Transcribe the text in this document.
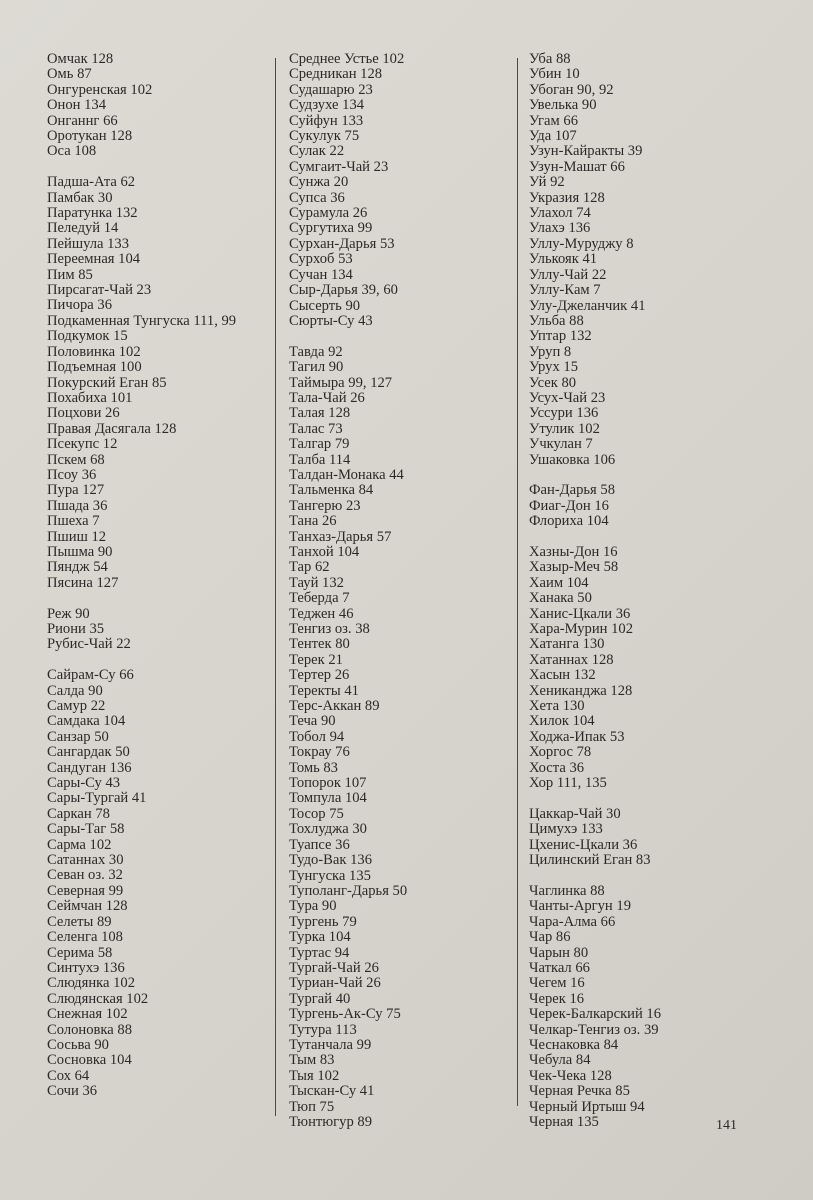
Омчак 128
Омь 87
Онгуренская 102
Онон 134
Онганнг 66
Оротукан 128
Оса 108
Падша-Ата 62
Памбак 30
Паратунка 132
Пеледуй 14
Пейшула 133
Переемная 104
Пим 85
Пирсагат-Чай 23
Пичора 36
Подкаменная Тунгуска 111, 99
Подкумок 15
Половинка 102
Подъемная 100
Покурский Еган 85
Похабиха 101
Поцхови 26
Правая Дасягала 128
Псекупс 12
Пскем 68
Псоу 36
Пура 127
Пшада 36
Пшеха 7
Пшиш 12
Пышма 90
Пяндж 54
Пясина 127
Реж 90
Риони 35
Рубис-Чай 22
Сайрам-Су 66
Салда 90
Самур 22
Самдака 104
Санзар 50
Сангардак 50
Сандуган 136
Сары-Су 43
Сары-Тургай 41
Саркан 78
Сары-Таг 58
Сарма 102
Сатаннах 30
Севан оз. 32
Северная 99
Сеймчан 128
Селеты 89
Селенга 108
Серима 58
Синтухэ 136
Слюдянка 102
Слюдянская 102
Снежная 102
Солоновка 88
Сосьва 90
Сосновка 104
Сох 64
Сочи 36
Среднее Устье 102
Средникан 128
Судашарю 23
Судзухе 134
Суйфун 133
Сукулук 75
Сулак 22
Сумгаит-Чай 23
Сунжа 20
Супса 36
Сурамула 26
Сургутиха 99
Сурхан-Дарья 53
Сурхоб 53
Сучан 134
Сыр-Дарья 39, 60
Сысерть 90
Сюрты-Су 43
Тавда 92
Тагил 90
Таймыра 99, 127
Тала-Чай 26
Талая 128
Талас 73
Талгар 79
Талба 114
Талдан-Монака 44
Тальменка 84
Тангерю 23
Тана 26
Танхаз-Дарья 57
Танхой 104
Тар 62
Тауй 132
Теберда 7
Теджен 46
Тенгиз оз. 38
Тентек 80
Терек 21
Тертер 26
Теректы 41
Терс-Аккан 89
Теча 90
Тобол 94
Токрау 76
Томь 83
Топорок 107
Томпула 104
Тосор 75
Тохлуджа 30
Туапсе 36
Тудо-Вак 136
Тунгуска 135
Туполанг-Дарья 50
Тура 90
Тургень 79
Турка 104
Туртас 94
Тургай-Чай 26
Туриан-Чай 26
Тургай 40
Тургень-Ак-Су 75
Тутура 113
Тутанчала 99
Тым 83
Тыя 102
Тыскан-Су 41
Тюп 75
Тюнтюгур 89
Уба 88
Убин 10
Убоган 90, 92
Увелька 90
Угам 66
Уда 107
Узун-Кайракты 39
Узун-Машат 66
Уй 92
Укразия 128
Улахол 74
Улахэ 136
Уллу-Муруджу 8
Улькояк 41
Уллу-Чай 22
Уллу-Кам 7
Улу-Джеланчик 41
Ульба 88
Уптар 132
Уруп 8
Урух 15
Усек 80
Усух-Чай 23
Уссури 136
Утулик 102
Учкулан 7
Ушаковка 106
Фан-Дарья 58
Фиаг-Дон 16
Флориха 104
Хазны-Дон 16
Хазыр-Меч 58
Хаим 104
Ханака 50
Ханис-Цкали 36
Хара-Мурин 102
Хатанга 130
Хатаннах 128
Хасын 132
Хениканджа 128
Хета 130
Хилок 104
Ходжа-Ипак 53
Хоргос 78
Хоста 36
Хор 111, 135
Цаккар-Чай 30
Цимухэ 133
Цхенис-Цкали 36
Цилинский Еган 83
Чаглинка 88
Чанты-Аргун 19
Чара-Алма 66
Чар 86
Чарын 80
Чаткал 66
Чегем 16
Черек 16
Черек-Балкарский 16
Челкар-Тенгиз оз. 39
Чеснаковка 84
Чебула 84
Чек-Чека 128
Черная Речка 85
Черный Иртыш 94
Черная 135	141
